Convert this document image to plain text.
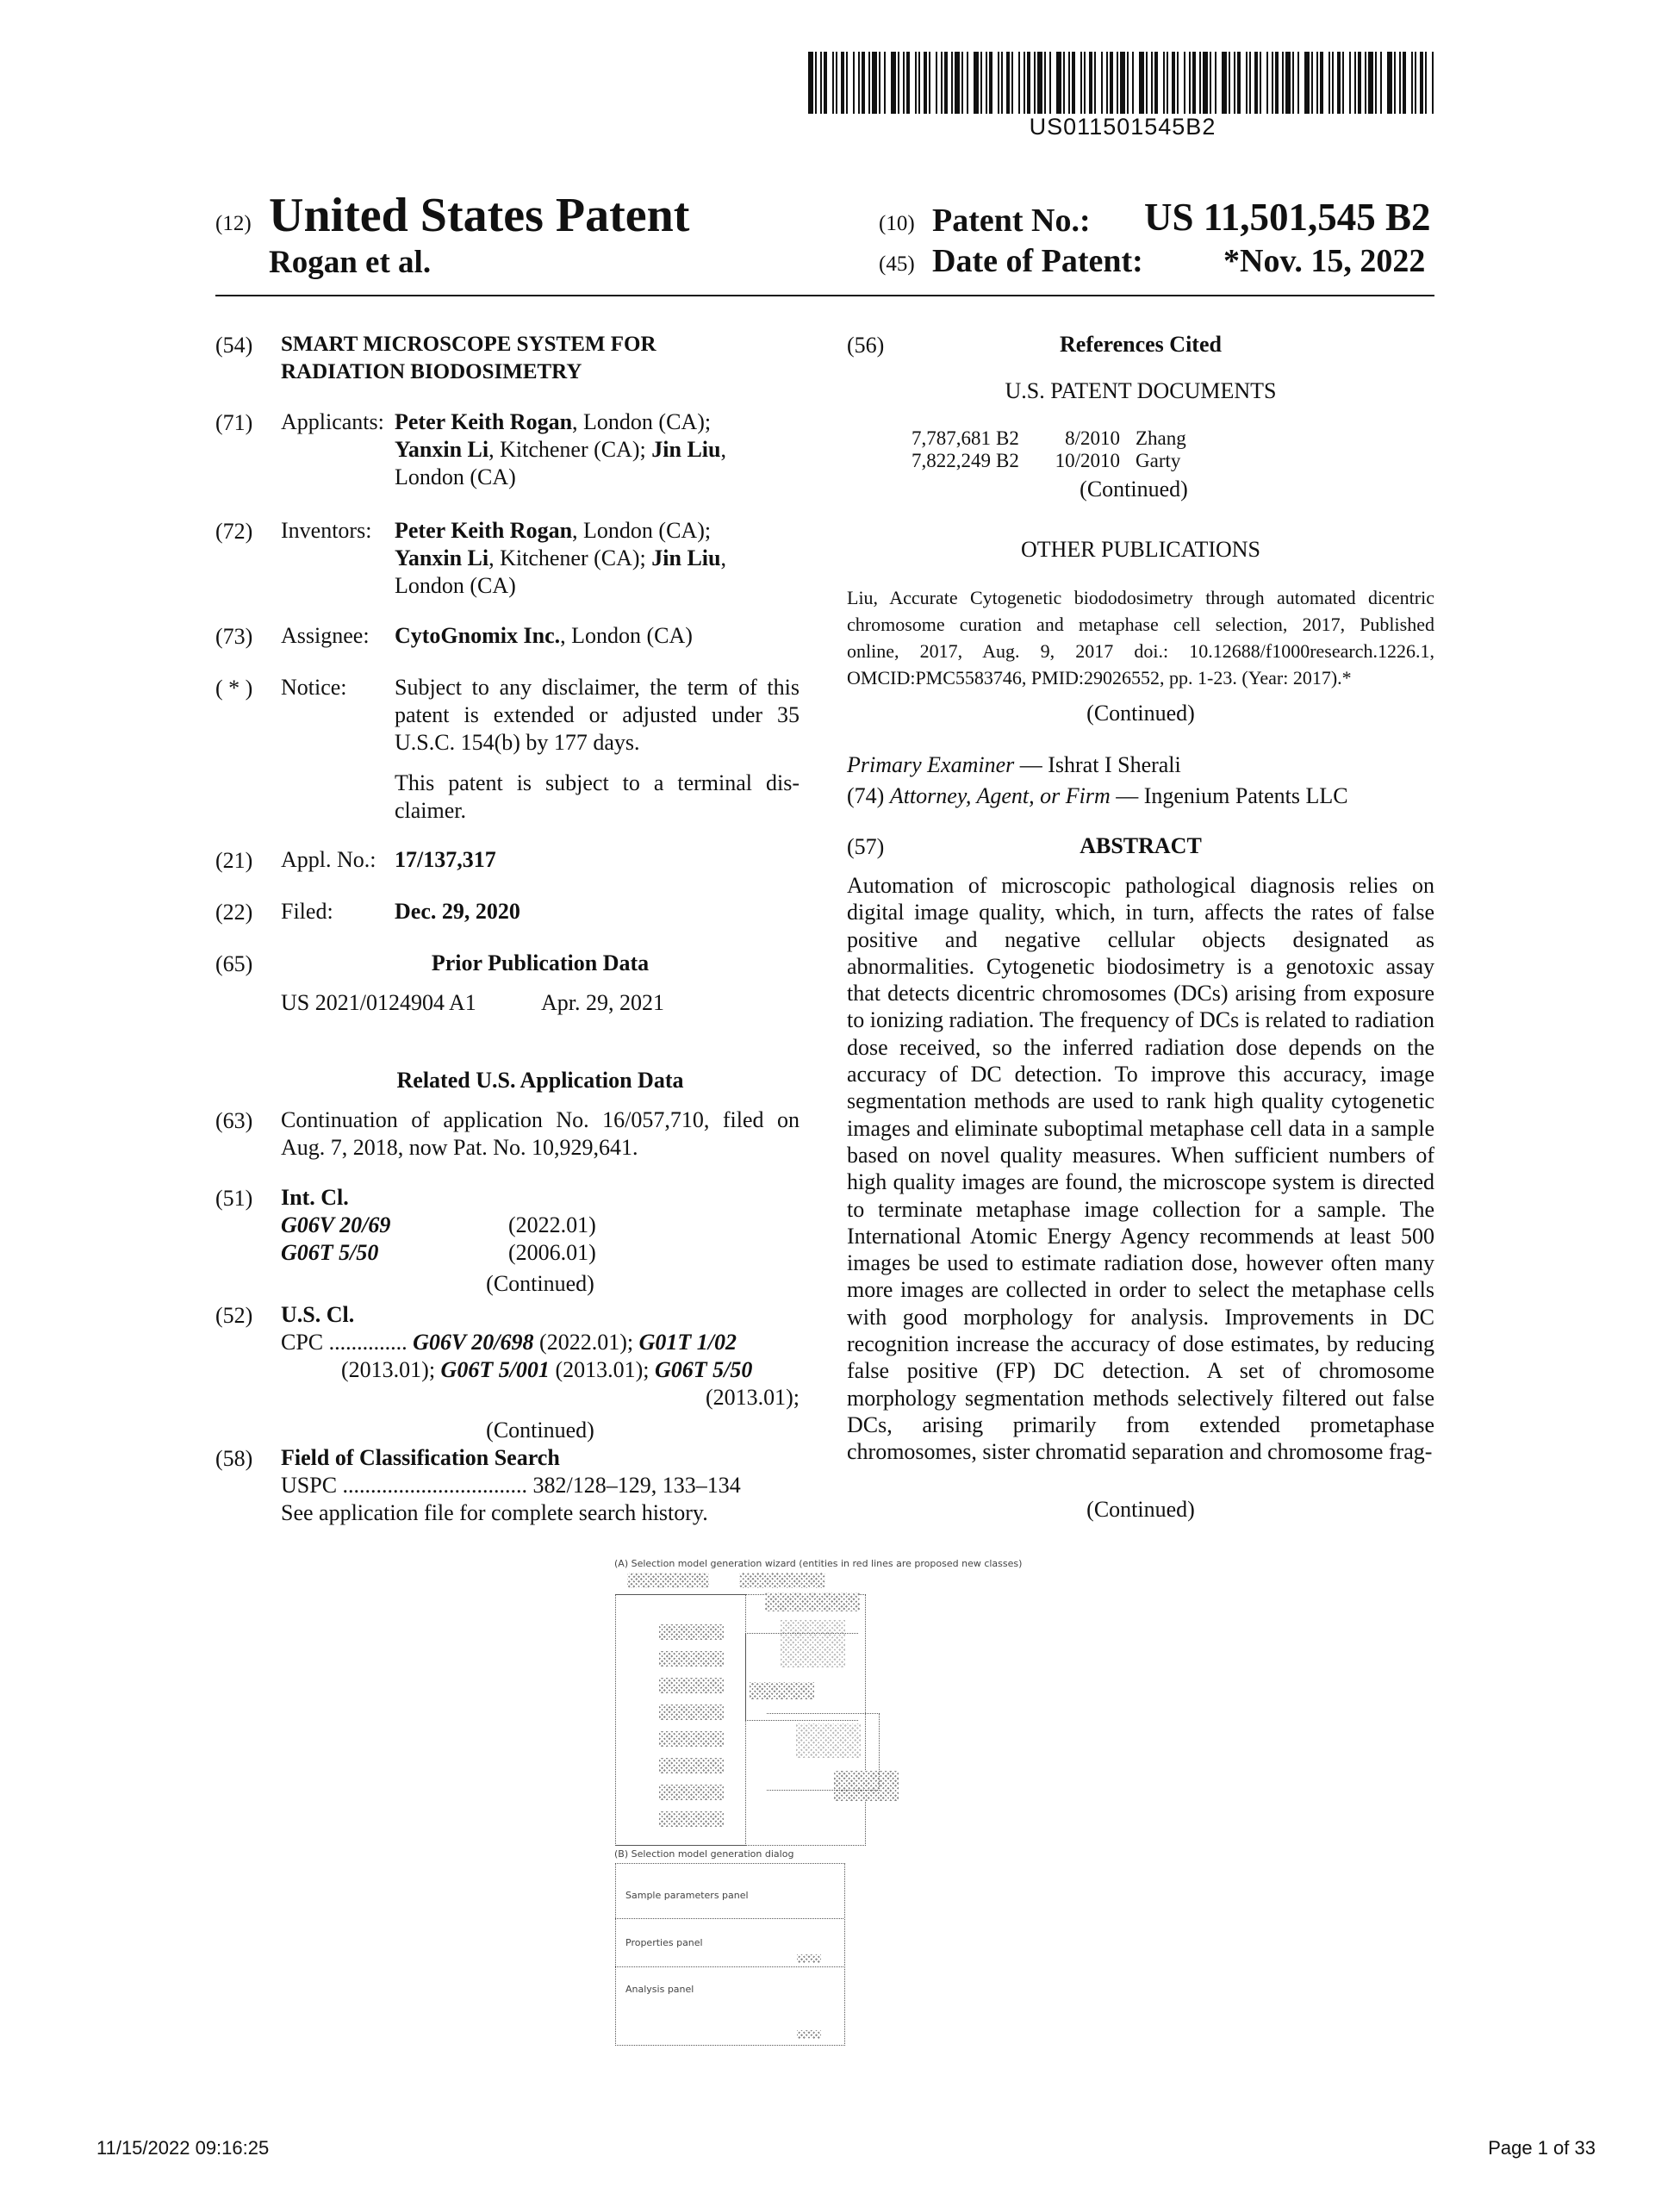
US011501545B2
(12) United States Patent
Rogan et al.
(10) Patent No.: US 11,501,545 B2
(45) Date of Patent: *Nov. 15, 2022
(54) SMART MICROSCOPE SYSTEM FOR
RADIATION BIODOSIMETRY
(71) Applicants: Peter Keith Rogan, London (CA);
Yanxin Li, Kitchener (CA); Jin Liu,
London (CA)
(72) Inventors: Peter Keith Rogan, London (CA);
Yanxin Li, Kitchener (CA); Jin Liu,
London (CA)
(73) Assignee: CytoGnomix Inc., London (CA)
( * ) Notice: Subject to any disclaimer, the term of this
patent is extended or adjusted under 35
U.S.C. 154(b) by 177 days.
This patent is subject to a terminal dis-
claimer.
(21) Appl. No.: 17/137,317
(22) Filed:	Dec. 29, 2020
(65)	Prior Publication Data
US 2021/0124904 A1	Apr. 29, 2021
Related U.S. Application Data
(63) Continuation of application No. 16/057,710, filed on
Aug. 7, 2018, now Pat. No. 10,929,641.
(51) Int. Cl.
G06V 20/69	(2022.01)
G06T 5/50	(2006.01)
(Continued)
(52) U.S. Cl.
CPC .............. G06V 20/698 (2022.01); G01T 1/02
(2013.01); G06T 5/001 (2013.01); G06T 5/50
(2013.01);
(Continued)
(58) Field of Classification Search
USPC ................................. 382/128–129, 133–134
See application file for complete search history.
(56)	References Cited
U.S. PATENT DOCUMENTS
7,787,681 B2	8/2010 Zhang
7,822,249 B2	10/2010 Garty
(Continued)
OTHER PUBLICATIONS
Liu, Accurate Cytogenetic biododosimetry through automated dicentric
chromosome curation and metaphase cell selection, 2017, Published
online, 2017, Aug. 9, 2017 doi.: 10.12688/f1000research.1226.1,
OMCID:PMC5583746, PMID:29026552, pp. 1-23. (Year: 2017).*
(Continued)
Primary Examiner — Ishrat I Sherali
(74) Attorney, Agent, or Firm — Ingenium Patents LLC
(57)	ABSTRACT
Automation of microscopic pathological diagnosis relies on digital image quality, which, in turn, affects the rates of false positive and negative cellular objects designated as abnormalities. Cytogenetic biodosimetry is a genotoxic assay that detects dicentric chromosomes (DCs) arising from exposure to ionizing radiation. The frequency of DCs is related to radiation dose received, so the inferred radiation dose depends on the accuracy of DC detection. To improve this accuracy, image segmentation methods are used to rank high quality cytogenetic images and eliminate suboptimal metaphase cell data in a sample based on novel quality measures. When sufficient numbers of high quality images are found, the microscope system is directed to terminate metaphase image collection for a sample. The International Atomic Energy Agency recommends at least 500 images be used to estimate radiation dose, however often many more images are collected in order to select the metaphase cells with good morphology for analysis. Improvements in DC recognition increase the accuracy of dose estimates, by reducing false positive (FP) DC detection. A set of chromosome morphology segmentation methods selectively filtered out false DCs, arising primarily from extended prometaphase chromosomes, sister chromatid separation and chromosome frag-
(Continued)
(A) Selection model generation wizard (entities in red lines are proposed new classes)
(B) Selection model generation dialog
Sample parameters panel
Properties panel
Analysis panel
11/15/2022 09:16:25	Page 1 of 33
